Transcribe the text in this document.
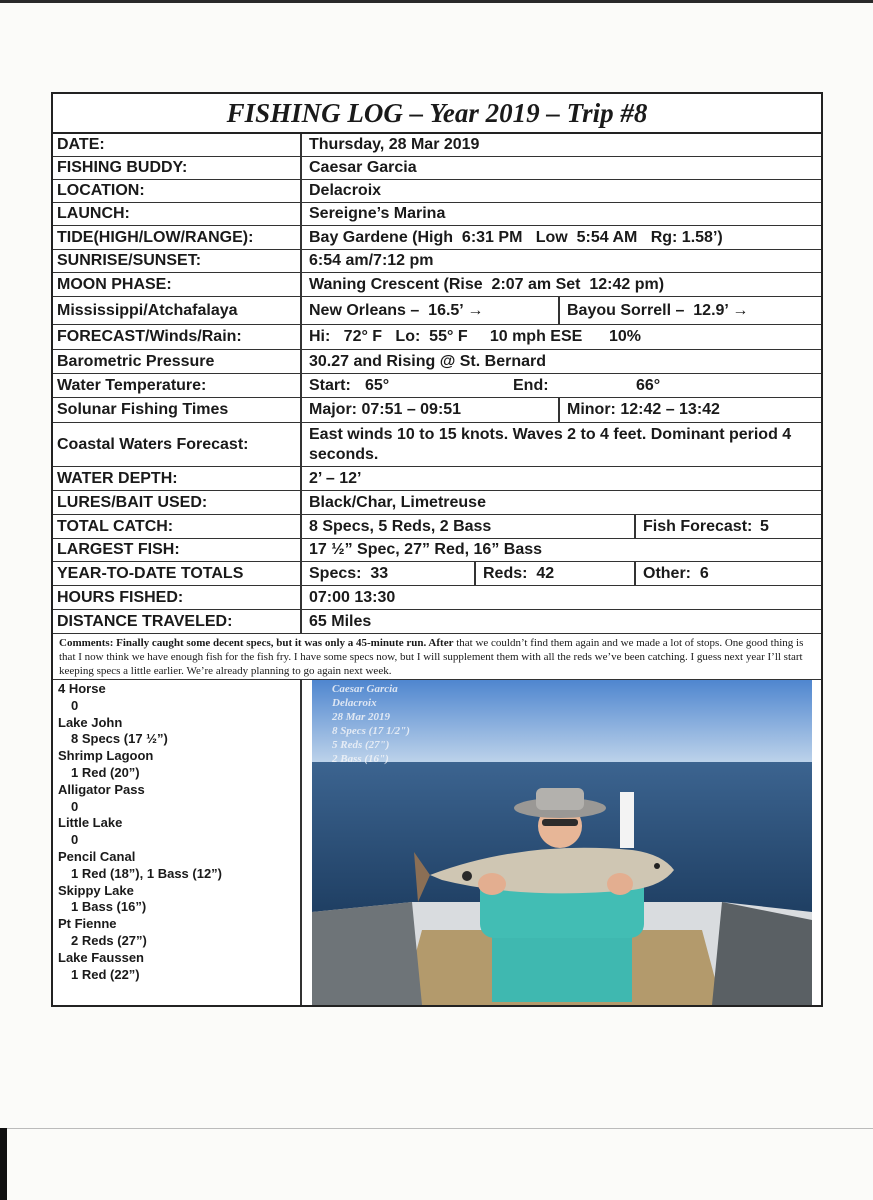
FISHING LOG – Year 2019 – Trip #8
DATE:	Thursday, 28 Mar 2019
FISHING BUDDY:	Caesar Garcia
LOCATION:	Delacroix
LAUNCH:	Sereigne’s Marina
TIDE(HIGH/LOW/RANGE):	Bay Gardene (High  6:31 PM   Low  5:54 AM   Rg: 1.58’)
SUNRISE/SUNSET:	6:54 am/7:12 pm
MOON PHASE:	Waning Crescent (Rise  2:07 am Set  12:42 pm)
Mississippi/Atchafalaya	New Orleans –  16.5’ →	Bayou Sorrell –  12.9’ →
FORECAST/Winds/Rain:	Hi:   72° F   Lo:  55° F     10 mph ESE      10%
Barometric Pressure	30.27 and Rising @ St. Bernard
Water Temperature:	Start: 65°	End:	66°
Solunar Fishing Times	Major: 07:51 – 09:51	Minor: 12:42 – 13:42
Coastal Waters Forecast:
East winds 10 to 15 knots. Waves 2 to 4 feet. Dominant period 4 seconds.
WATER DEPTH:	2’ – 12’
LURES/BAIT USED:	Black/Char, Limetreuse
TOTAL CATCH:	8 Specs, 5 Reds, 2 Bass	Fish Forecast: 5
LARGEST FISH:	17 ½” Spec, 27” Red, 16” Bass
YEAR-TO-DATE TOTALS	Specs:  33	Reds:  42	Other:  6
HOURS FISHED:	07:00 13:30
DISTANCE TRAVELED:	65 Miles
Comments: Finally caught some decent specs, but it was only a 45-minute run. After that we couldn’t find them again and we made a lot of stops. One good thing is that I now think we have enough fish for the fish fry. I have some specs now, but I will supplement them with all the reds we’ve been catching. I guess next year I’ll start keeping specs a little earlier. We’re already planning to go again next week.
4 Horse
0
Lake John
8 Specs (17 ½”)
Shrimp Lagoon
1 Red (20”)
Alligator Pass
0
Little Lake
0
Pencil Canal
1 Red (18”), 1 Bass (12”)
Skippy Lake
1 Bass (16”)
Pt Fienne
2 Reds (27”)
Lake Faussen
1 Red (22”)
Caesar Garcia
Delacroix
28 Mar 2019
8 Specs (17 1/2")
5 Reds (27")
2 Bass (16")
